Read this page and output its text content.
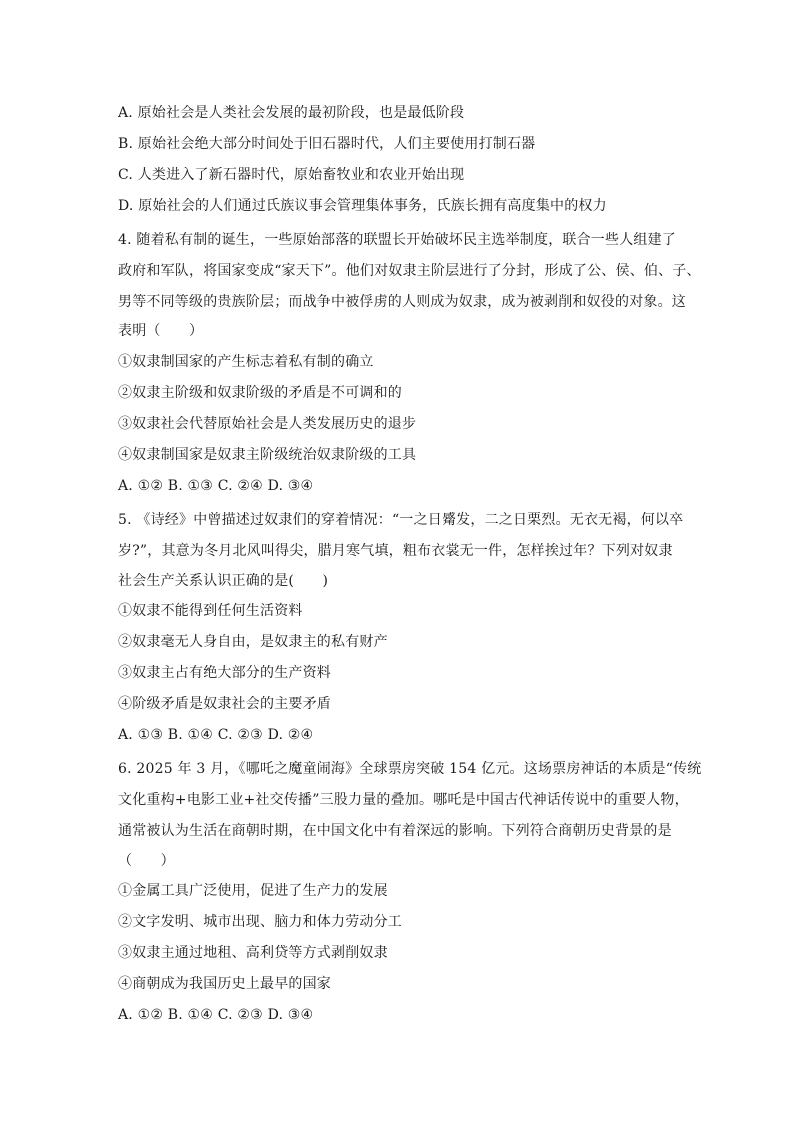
A. 原始社会是人类社会发展的最初阶段，也是最低阶段
B. 原始社会绝大部分时间处于旧石器时代，人们主要使用打制石器
C. 人类进入了新石器时代，原始畜牧业和农业开始出现
D. 原始社会的人们通过氏族议事会管理集体事务，氏族长拥有高度集中的权力
4. 随着私有制的诞生，一些原始部落的联盟长开始破坏民主选举制度，联合一些人组建了
政府和军队，将国家变成“家天下”。他们对奴隶主阶层进行了分封，形成了公、侯、伯、子、
男等不同等级的贵族阶层；而战争中被俘虏的人则成为奴隶，成为被剥削和奴役的对象。这
表明（　　）
①奴隶制国家的产生标志着私有制的确立
②奴隶主阶级和奴隶阶级的矛盾是不可调和的
③奴隶社会代替原始社会是人类发展历史的退步
④奴隶制国家是奴隶主阶级统治奴隶阶级的工具
A. ①② B. ①③ C. ②④ D. ③④
5. 《诗经》中曾描述过奴隶们的穿着情况：“一之日觱发，二之日栗烈。无衣无褐，何以卒
岁?”，其意为冬月北风叫得尖，腊月寒气填，粗布衣裳无一件，怎样挨过年？下列对奴隶
社会生产关系认识正确的是(　　)
①奴隶不能得到任何生活资料
②奴隶毫无人身自由，是奴隶主的私有财产
③奴隶主占有绝大部分的生产资料
④阶级矛盾是奴隶社会的主要矛盾
A. ①③ B. ①④ C. ②③ D. ②④
6. 2025 年 3 月，《哪吒之魔童闹海》全球票房突破 154 亿元。这场票房神话的本质是“传统
文化重构+电影工业+社交传播”三股力量的叠加。哪吒是中国古代神话传说中的重要人物，
通常被认为生活在商朝时期，在中国文化中有着深远的影响。下列符合商朝历史背景的是
（　　）
①金属工具广泛使用，促进了生产力的发展
②文字发明、城市出现、脑力和体力劳动分工
③奴隶主通过地租、高利贷等方式剥削奴隶
④商朝成为我国历史上最早的国家
A. ①② B. ①④ C. ②③ D. ③④
